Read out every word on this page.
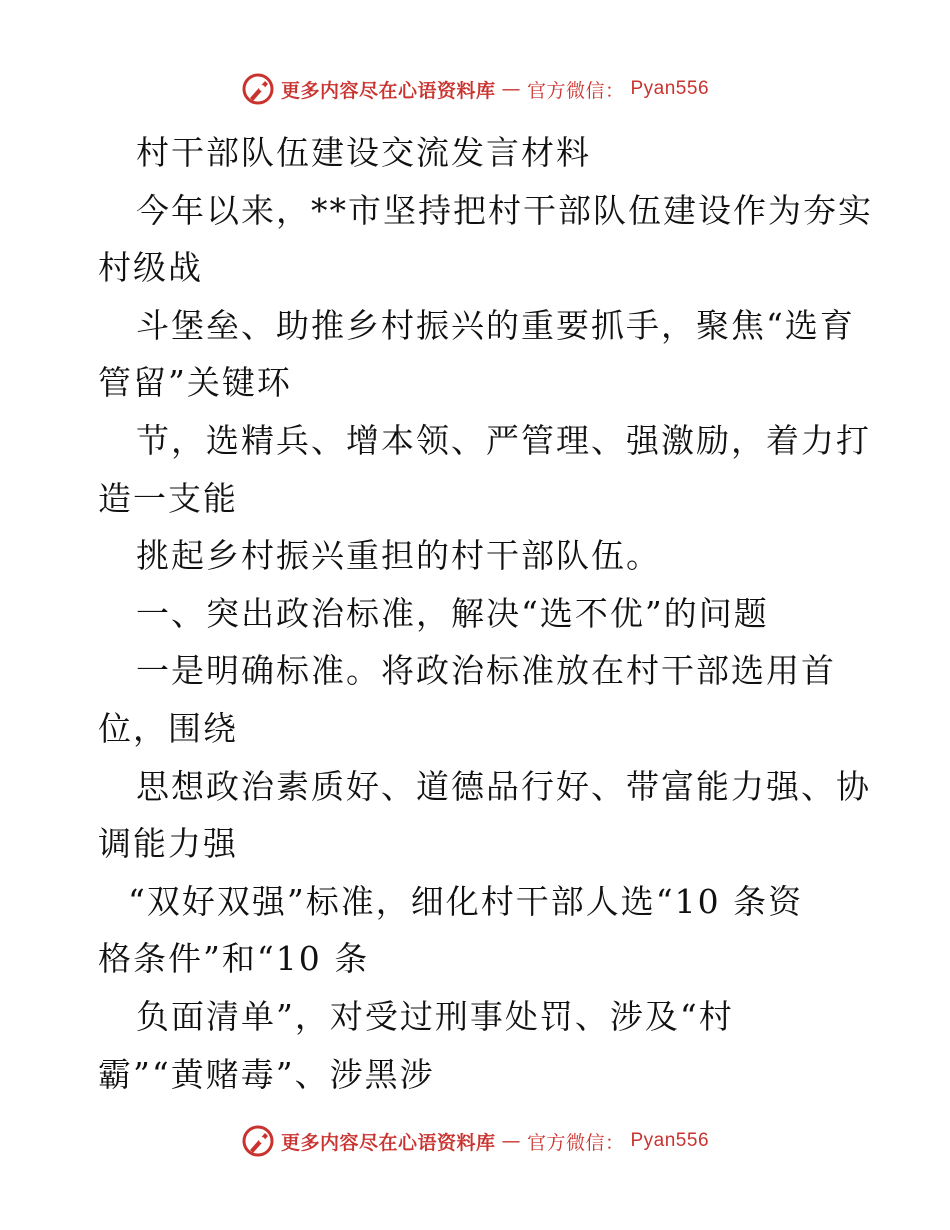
更多内容尽在心语资料库 — 官方微信： Pyan556
村干部队伍建设交流发言材料
今年以来，**市坚持把村干部队伍建设作为夯实
村级战
斗堡垒、助推乡村振兴的重要抓手，聚焦“选育
管留”关键环
节，选精兵、增本领、严管理、强激励，着力打
造一支能
挑起乡村振兴重担的村干部队伍。
一、突出政治标准，解决“选不优”的问题
一是明确标准。将政治标准放在村干部选用首
位，围绕
思想政治素质好、道德品行好、带富能力强、协
调能力强
“双好双强”标准，细化村干部人选“10 条资
格条件”和“10 条
负面清单”，对受过刑事处罚、涉及“村
霸”“黄赌毒”、涉黑涉
更多内容尽在心语资料库 — 官方微信： Pyan556
